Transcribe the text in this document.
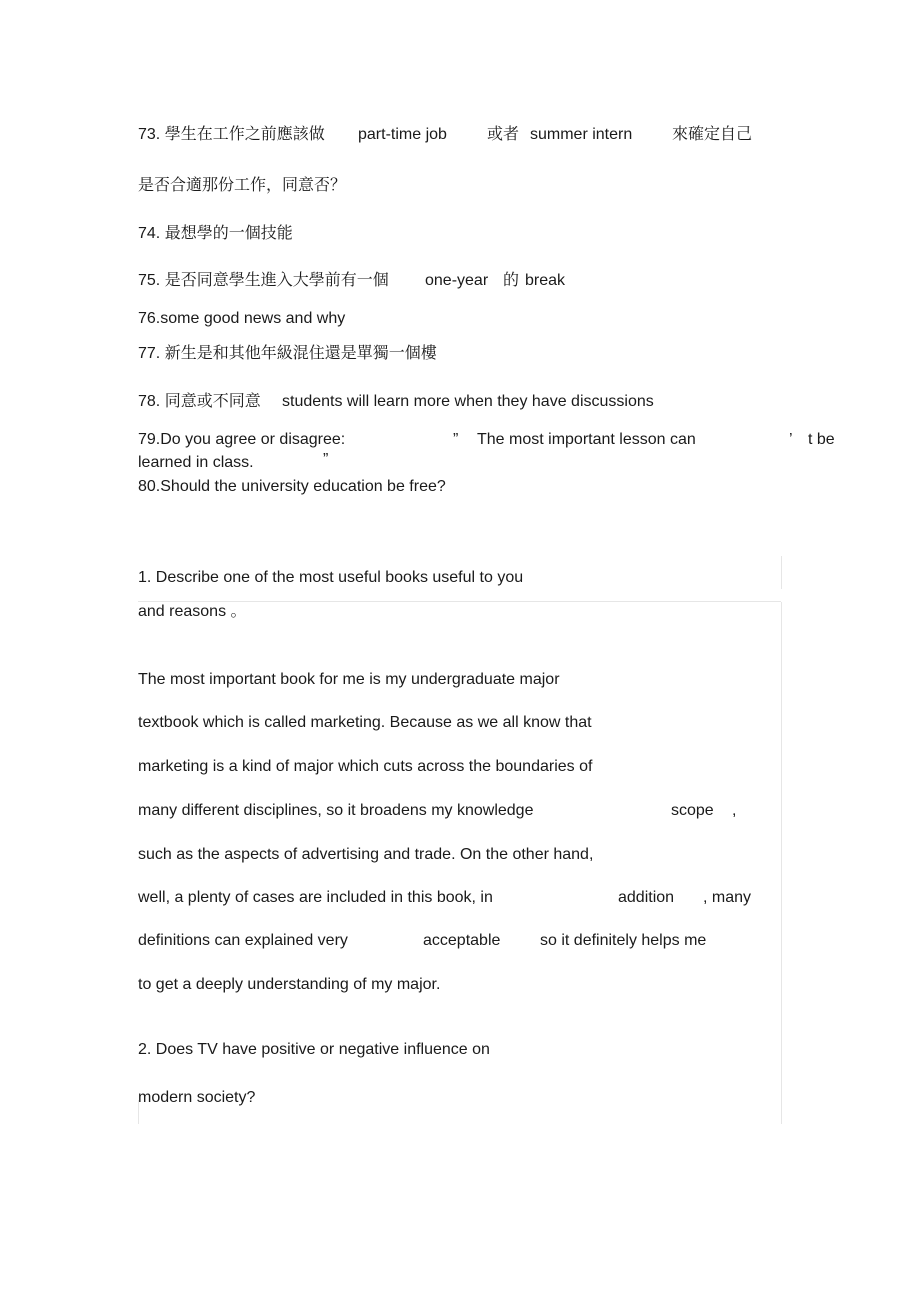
73. 學生在工作之前應該做 part-time job	或者 summer intern 來確定自己
是否合適那份工作，同意否？
74. 最想學的一個技能
75. 是否同意學生進入大學前有一個 one-year 的 break
76.some good news and why
77. 新生是和其他年級混住還是單獨一個樓
78. 同意或不同意 students will learn more when they have discussions
79.Do you agree or disagree:	” The most important lesson can	’ t be
learned in class.	”
80.Should the university education be free?
1. Describe one of the most useful books useful to you
and reasons 。
The most important book for me is my undergraduate major
textbook which is called marketing. Because as we all know that
marketing is a kind of major which cuts across the boundaries of
many different disciplines, so it broadens my knowledge	scope ,
such as the aspects of advertising and trade. On the other hand,
well, a plenty of cases are included in this book, in	addition , many
definitions can explained very	acceptable so it definitely helps me
to get a deeply understanding of my major.
2. Does TV have positive or negative influence on
modern society?
